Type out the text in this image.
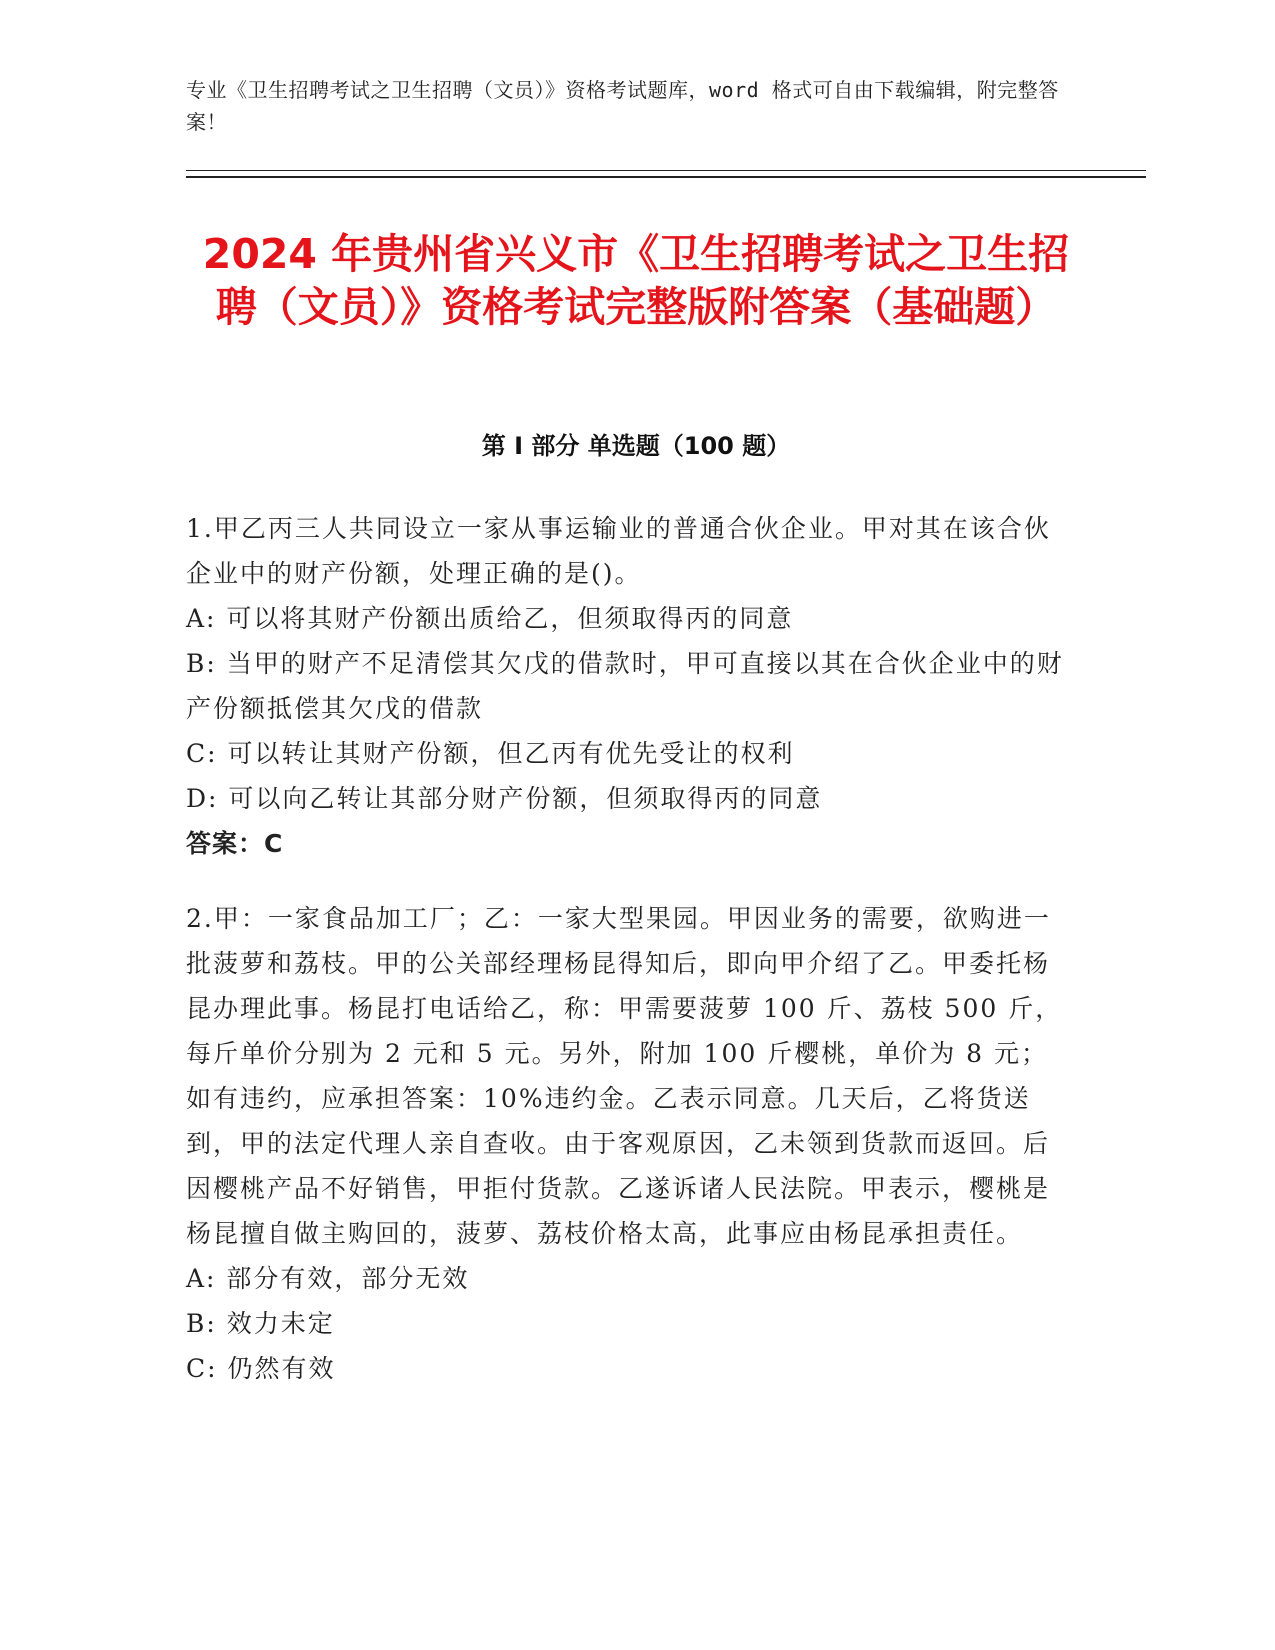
专业《卫生招聘考试之卫生招聘（文员）》资格考试题库，word 格式可自由下载编辑，附完整答案！
2024 年贵州省兴义市《卫生招聘考试之卫生招聘（文员）》资格考试完整版附答案（基础题）
第 I 部分 单选题（100 题）

1.甲乙丙三人共同设立一家从事运输业的普通合伙企业。甲对其在该合伙企业中的财产份额，处理正确的是()。

A: 可以将其财产份额出质给乙，但须取得丙的同意

B: 当甲的财产不足清偿其欠戊的借款时，甲可直接以其在合伙企业中的财产份额抵偿其欠戊的借款

C: 可以转让其财产份额，但乙丙有优先受让的权利

D: 可以向乙转让其部分财产份额，但须取得丙的同意

答案：C

2.甲：一家食品加工厂；乙：一家大型果园。甲因业务的需要，欲购进一批菠萝和荔枝。甲的公关部经理杨昆得知后，即向甲介绍了乙。甲委托杨昆办理此事。杨昆打电话给乙，称：甲需要菠萝 100 斤、荔枝 500 斤，每斤单价分别为 2 元和 5 元。另外，附加 100 斤樱桃，单价为 8 元；如有违约，应承担答案：10%违约金。乙表示同意。几天后，乙将货送到，甲的法定代理人亲自查收。由于客观原因，乙未领到货款而返回。后因樱桃产品不好销售，甲拒付货款。乙遂诉诸人民法院。甲表示，樱桃是杨昆擅自做主购回的，菠萝、荔枝价格太高，此事应由杨昆承担责任。

A: 部分有效，部分无效

B: 效力未定

C: 仍然有效
